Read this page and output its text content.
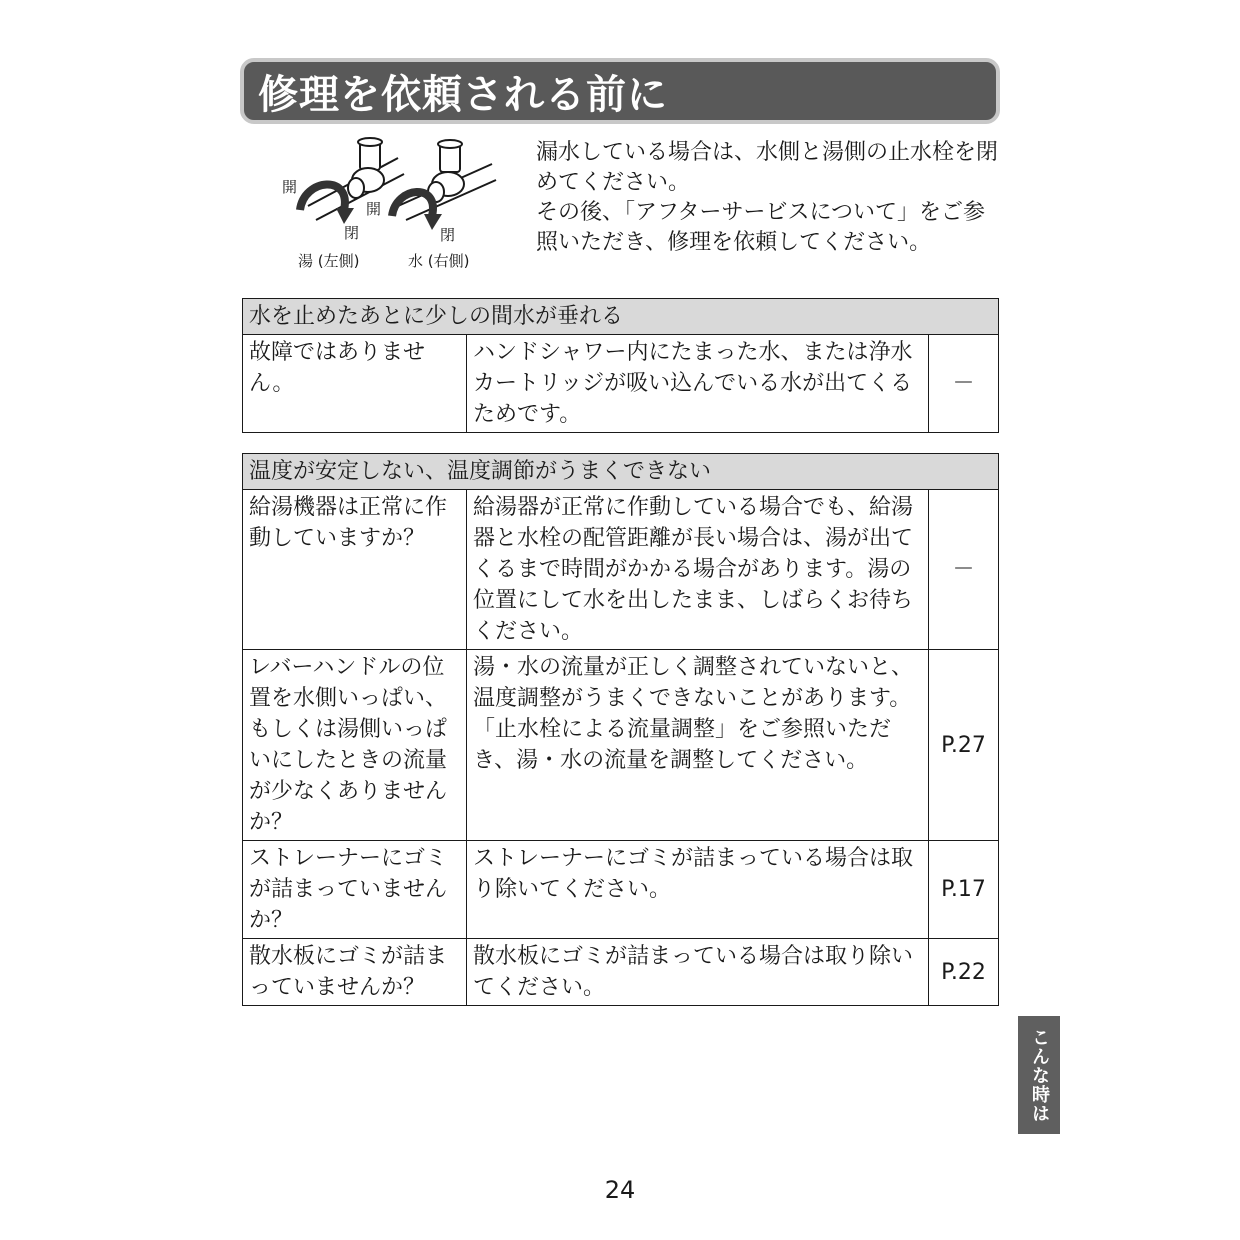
修理を依頼される前に
開
閉
開
閉
湯 (左側)	水 (右側)

漏水している場合は、水側と湯側の止水栓を閉めてください。

その後、「アフターサービスについて」をご参照いただき、修理を依頼してください。

水を止めたあとに少しの間水が垂れる
故障ではありません。	ハンドシャワー内にたまった水、または浄水カートリッジが吸い込んでいる水が出てくるためです。	－
温度が安定しない、温度調節がうまくできない		
給湯機器は正常に作動していますか？	給湯器が正常に作動している場合でも、給湯器と水栓の配管距離が長い場合は、湯が出てくるまで時間がかかる場合があります。湯の位置にして水を出したまま、しばらくお待ちください。	－
レバーハンドルの位置を水側いっぱい、もしくは湯側いっぱいにしたときの流量が少なくありませんか？	湯・水の流量が正しく調整されていないと、温度調整がうまくできないことがあります。「止水栓による流量調整」をご参照いただき、湯・水の流量を調整してください。	P.27
ストレーナーにゴミが詰まっていませんか？	ストレーナーにゴミが詰まっている場合は取り除いてください。	P.17
散水板にゴミが詰まっていませんか？	散水板にゴミが詰まっている場合は取り除いてください。	P.22
こんな時は
24
